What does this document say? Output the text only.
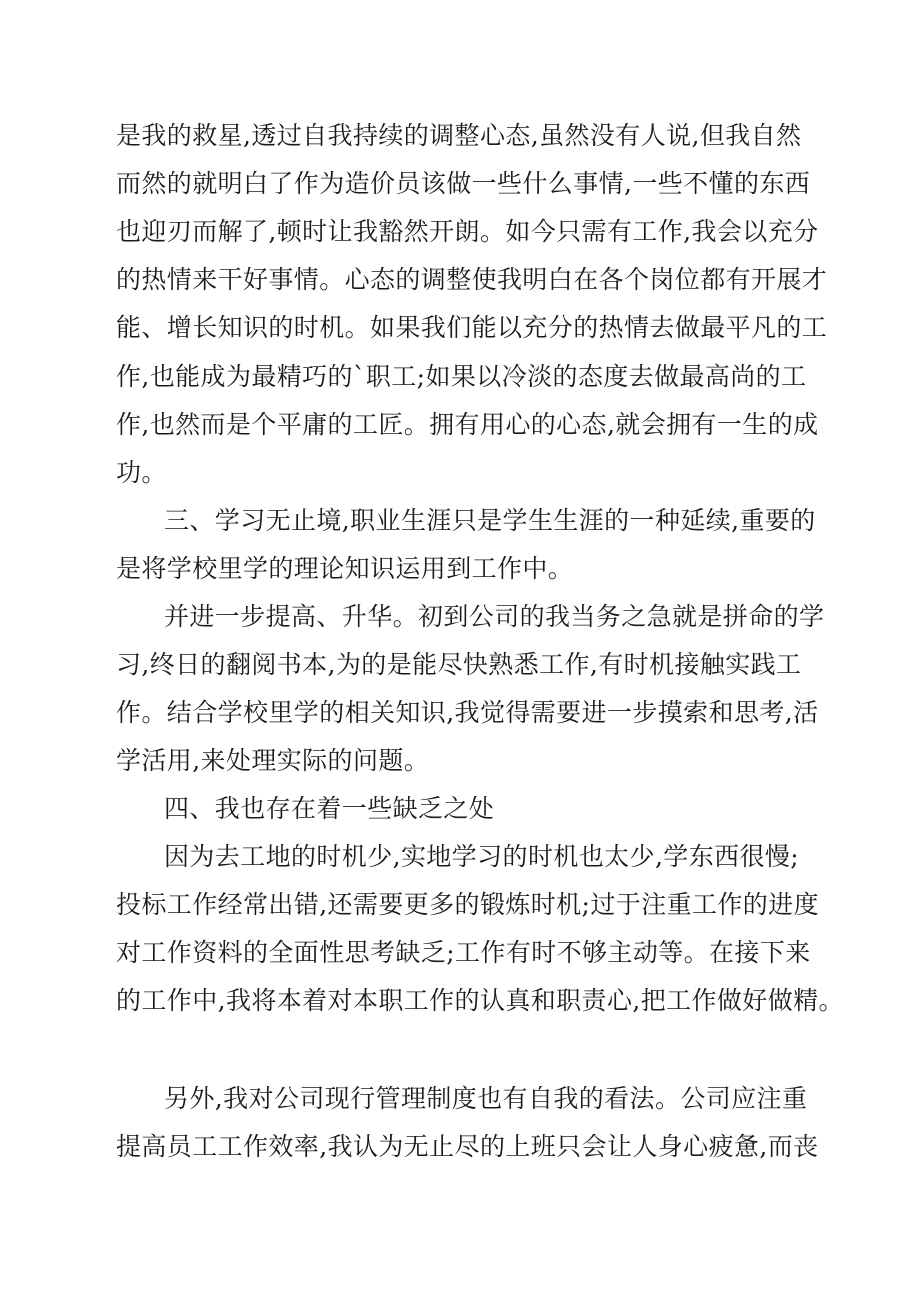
是我的救星,透过自我持续的调整心态,虽然没有人说,但我自然
而然的就明白了作为造价员该做一些什么事情,一些不懂的东西
也迎刃而解了,顿时让我豁然开朗。如今只需有工作,我会以充分
的热情来干好事情。心态的调整使我明白在各个岗位都有开展才
能、增长知识的时机。如果我们能以充分的热情去做最平凡的工
作,也能成为最精巧的`职工;如果以冷淡的态度去做最高尚的工
作,也然而是个平庸的工匠。拥有用心的心态,就会拥有一生的成
功。
三、学习无止境,职业生涯只是学生生涯的一种延续,重要的
是将学校里学的理论知识运用到工作中。
并进一步提高、升华。初到公司的我当务之急就是拼命的学
习,终日的翻阅书本,为的是能尽快熟悉工作,有时机接触实践工
作。结合学校里学的相关知识,我觉得需要进一步摸索和思考,活
学活用,来处理实际的问题。
四、我也存在着一些缺乏之处
因为去工地的时机少,实地学习的时机也太少,学东西很慢;
投标工作经常出错,还需要更多的锻炼时机;过于注重工作的进度
对工作资料的全面性思考缺乏;工作有时不够主动等。在接下来
的工作中,我将本着对本职工作的认真和职责心,把工作做好做精。
另外,我对公司现行管理制度也有自我的看法。公司应注重
提高员工工作效率,我认为无止尽的上班只会让人身心疲惫,而丧
